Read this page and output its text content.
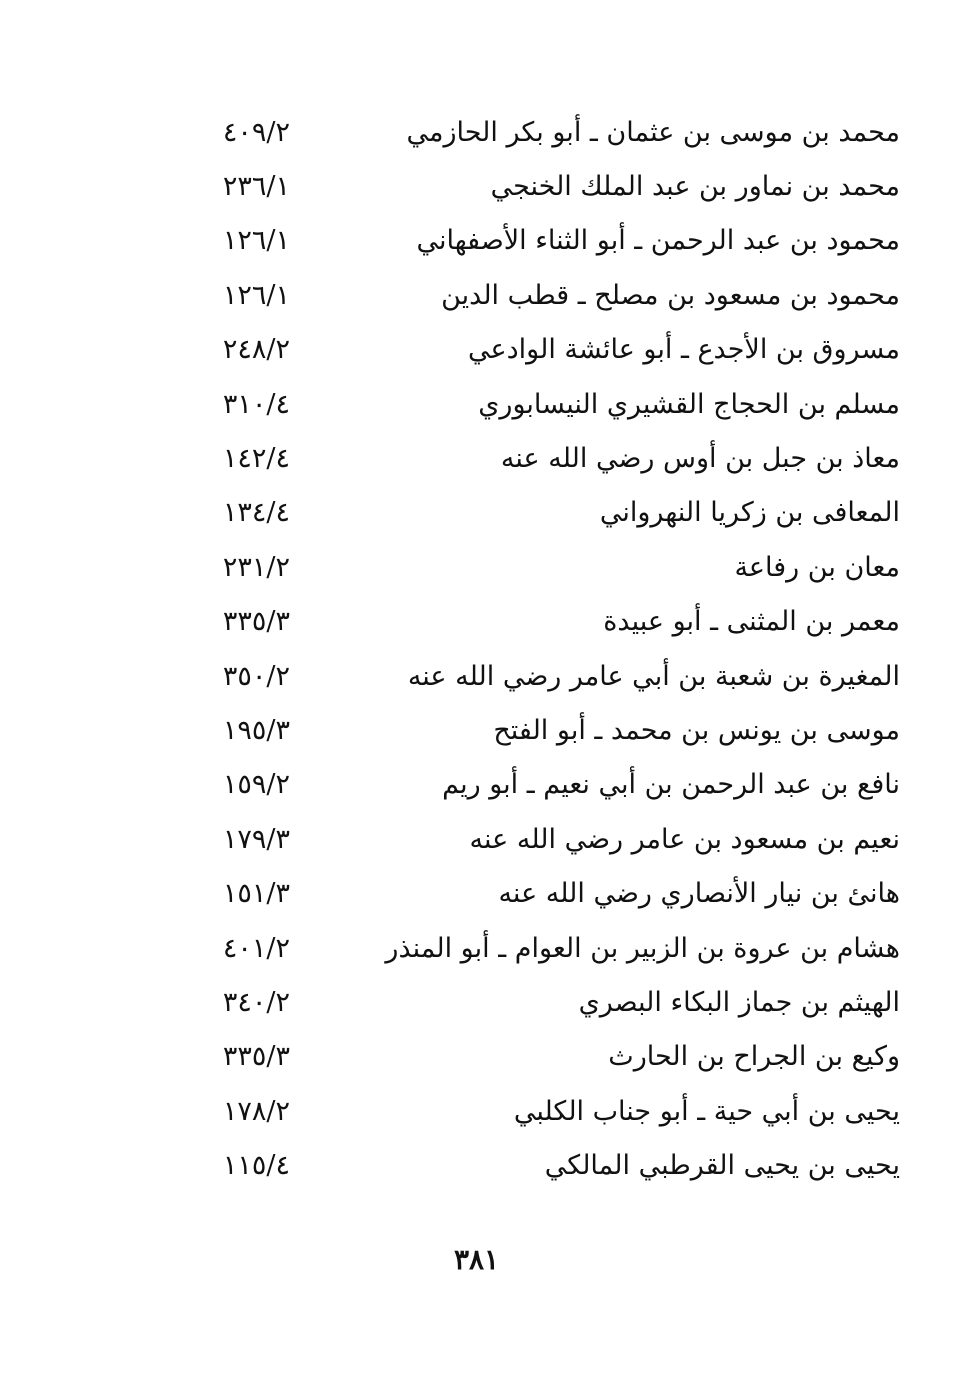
٤٠٩/٢	محمد بن موسى بن عثمان ـ أبو بكر الحازمي
٢٣٦/١	محمد بن نماور بن عبد الملك الخنجي
١٢٦/١	محمود بن عبد الرحمن ـ أبو الثناء الأصفهاني
١٢٦/١	محمود بن مسعود بن مصلح ـ قطب الدين
٢٤٨/٢	مسروق بن الأجدع ـ أبو عائشة الوادعي
٣١٠/٤	مسلم بن الحجاج القشيري النيسابوري
١٤٢/٤	معاذ بن جبل بن أوس رضي الله عنه
١٣٤/٤	المعافى بن زكريا النهرواني
٢٣١/٢	معان بن رفاعة
٣٣٥/٣	معمر بن المثنى ـ أبو عبيدة
٣٥٠/٢	المغيرة بن شعبة بن أبي عامر رضي الله عنه
١٩٥/٣	موسى بن يونس بن محمد ـ أبو الفتح
١٥٩/٢	نافع بن عبد الرحمن بن أبي نعيم ـ أبو ريم
١٧٩/٣	نعيم بن مسعود بن عامر رضي الله عنه
١٥١/٣	هانئ بن نيار الأنصاري رضي الله عنه
٤٠١/٢	هشام بن عروة بن الزبير بن العوام ـ أبو المنذر
٣٤٠/٢	الهيثم بن جماز البكاء البصري
٣٣٥/٣	وكيع بن الجراح بن الحارث
١٧٨/٢	يحيى بن أبي حية ـ أبو جناب الكلبي
١١٥/٤	يحيى بن يحيى القرطبي المالكي
٣٨١
